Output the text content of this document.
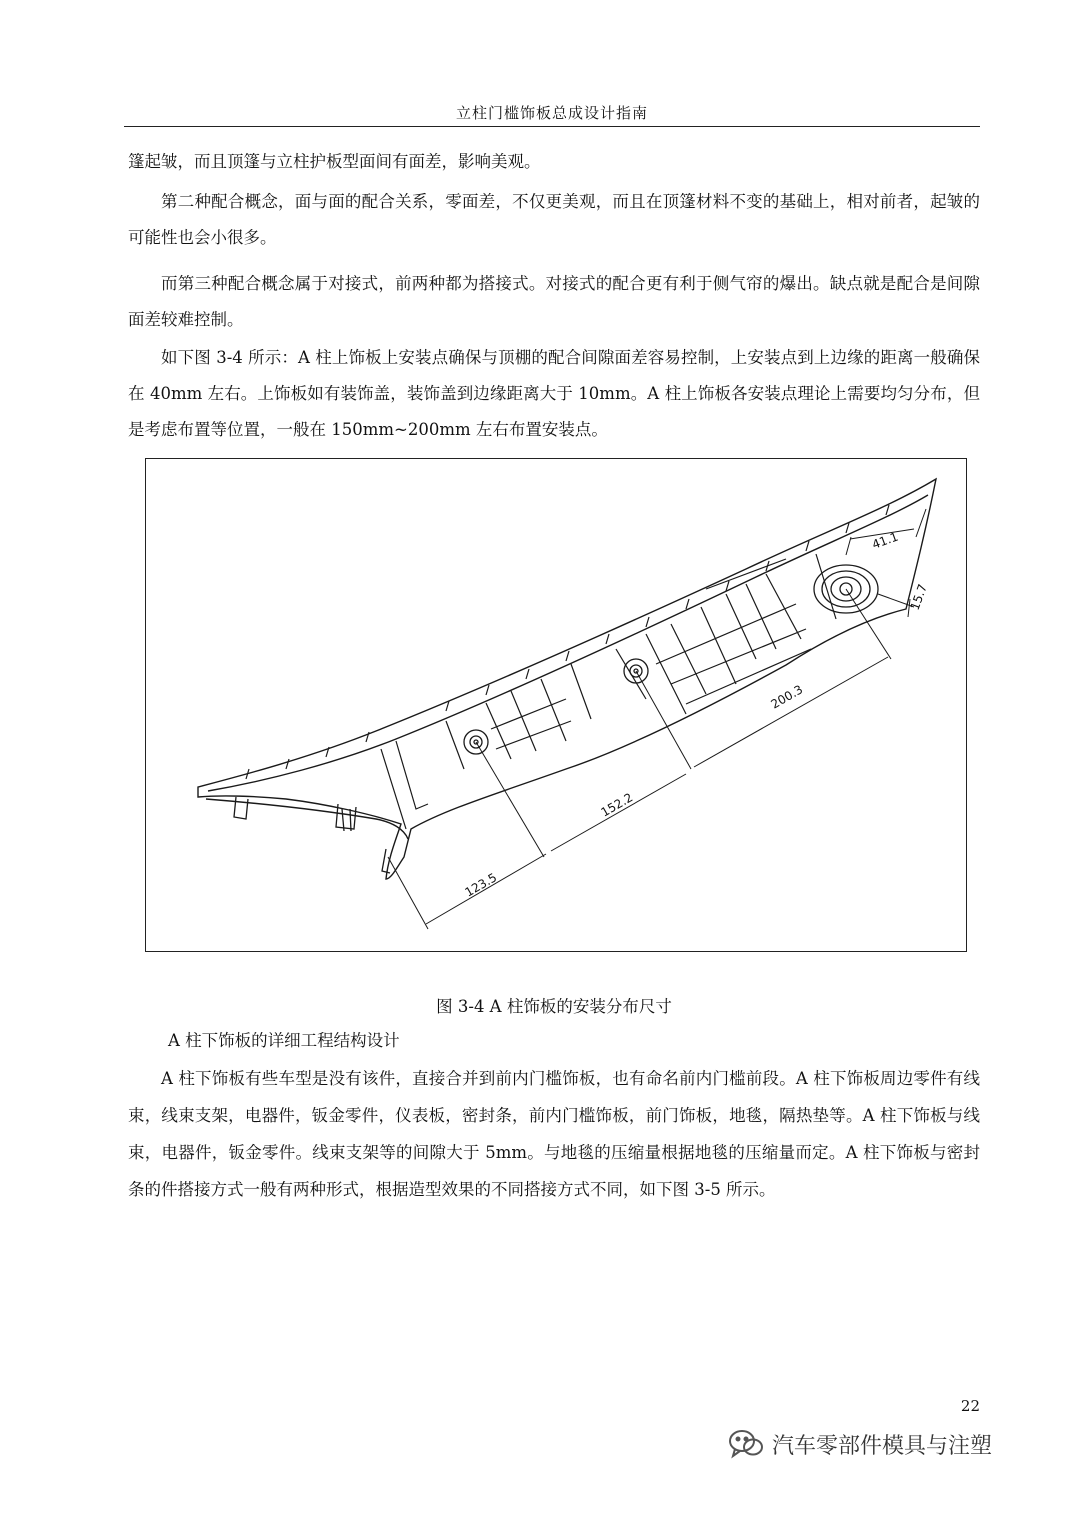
立柱门槛饰板总成设计指南

篷起皱，而且顶篷与立柱护板型面间有面差，影响美观。

第二种配合概念，面与面的配合关系，零面差，不仅更美观，而且在顶篷材料不变的基础上，相对前者，起皱的可能性也会小很多。

而第三种配合概念属于对接式，前两种都为搭接式。对接式的配合更有利于侧气帘的爆出。缺点就是配合是间隙面差较难控制。

如下图 3-4 所示：A 柱上饰板上安装点确保与顶棚的配合间隙面差容易控制，上安装点到上边缘的距离一般确保在 40mm 左右。上饰板如有装饰盖，装饰盖到边缘距离大于 10mm。A 柱上饰板各安装点理论上需要均匀分布，但是考虑布置等位置，一般在 150mm~200mm 左右布置安装点。

123.5
152.2
200.3
41.1
15.7
图 3-4 A 柱饰板的安装分布尺寸
A 柱下饰板的详细工程结构设计

A 柱下饰板有些车型是没有该件，直接合并到前内门槛饰板，也有命名前内门槛前段。A 柱下饰板周边零件有线束，线束支架，电器件，钣金零件，仪表板，密封条，前内门槛饰板，前门饰板，地毯，隔热垫等。A 柱下饰板与线束，电器件，钣金零件。线束支架等的间隙大于 5mm。与地毯的压缩量根据地毯的压缩量而定。A 柱下饰板与密封条的件搭接方式一般有两种形式，根据造型效果的不同搭接方式不同，如下图 3-5 所示。

22
汽车零部件模具与注塑
